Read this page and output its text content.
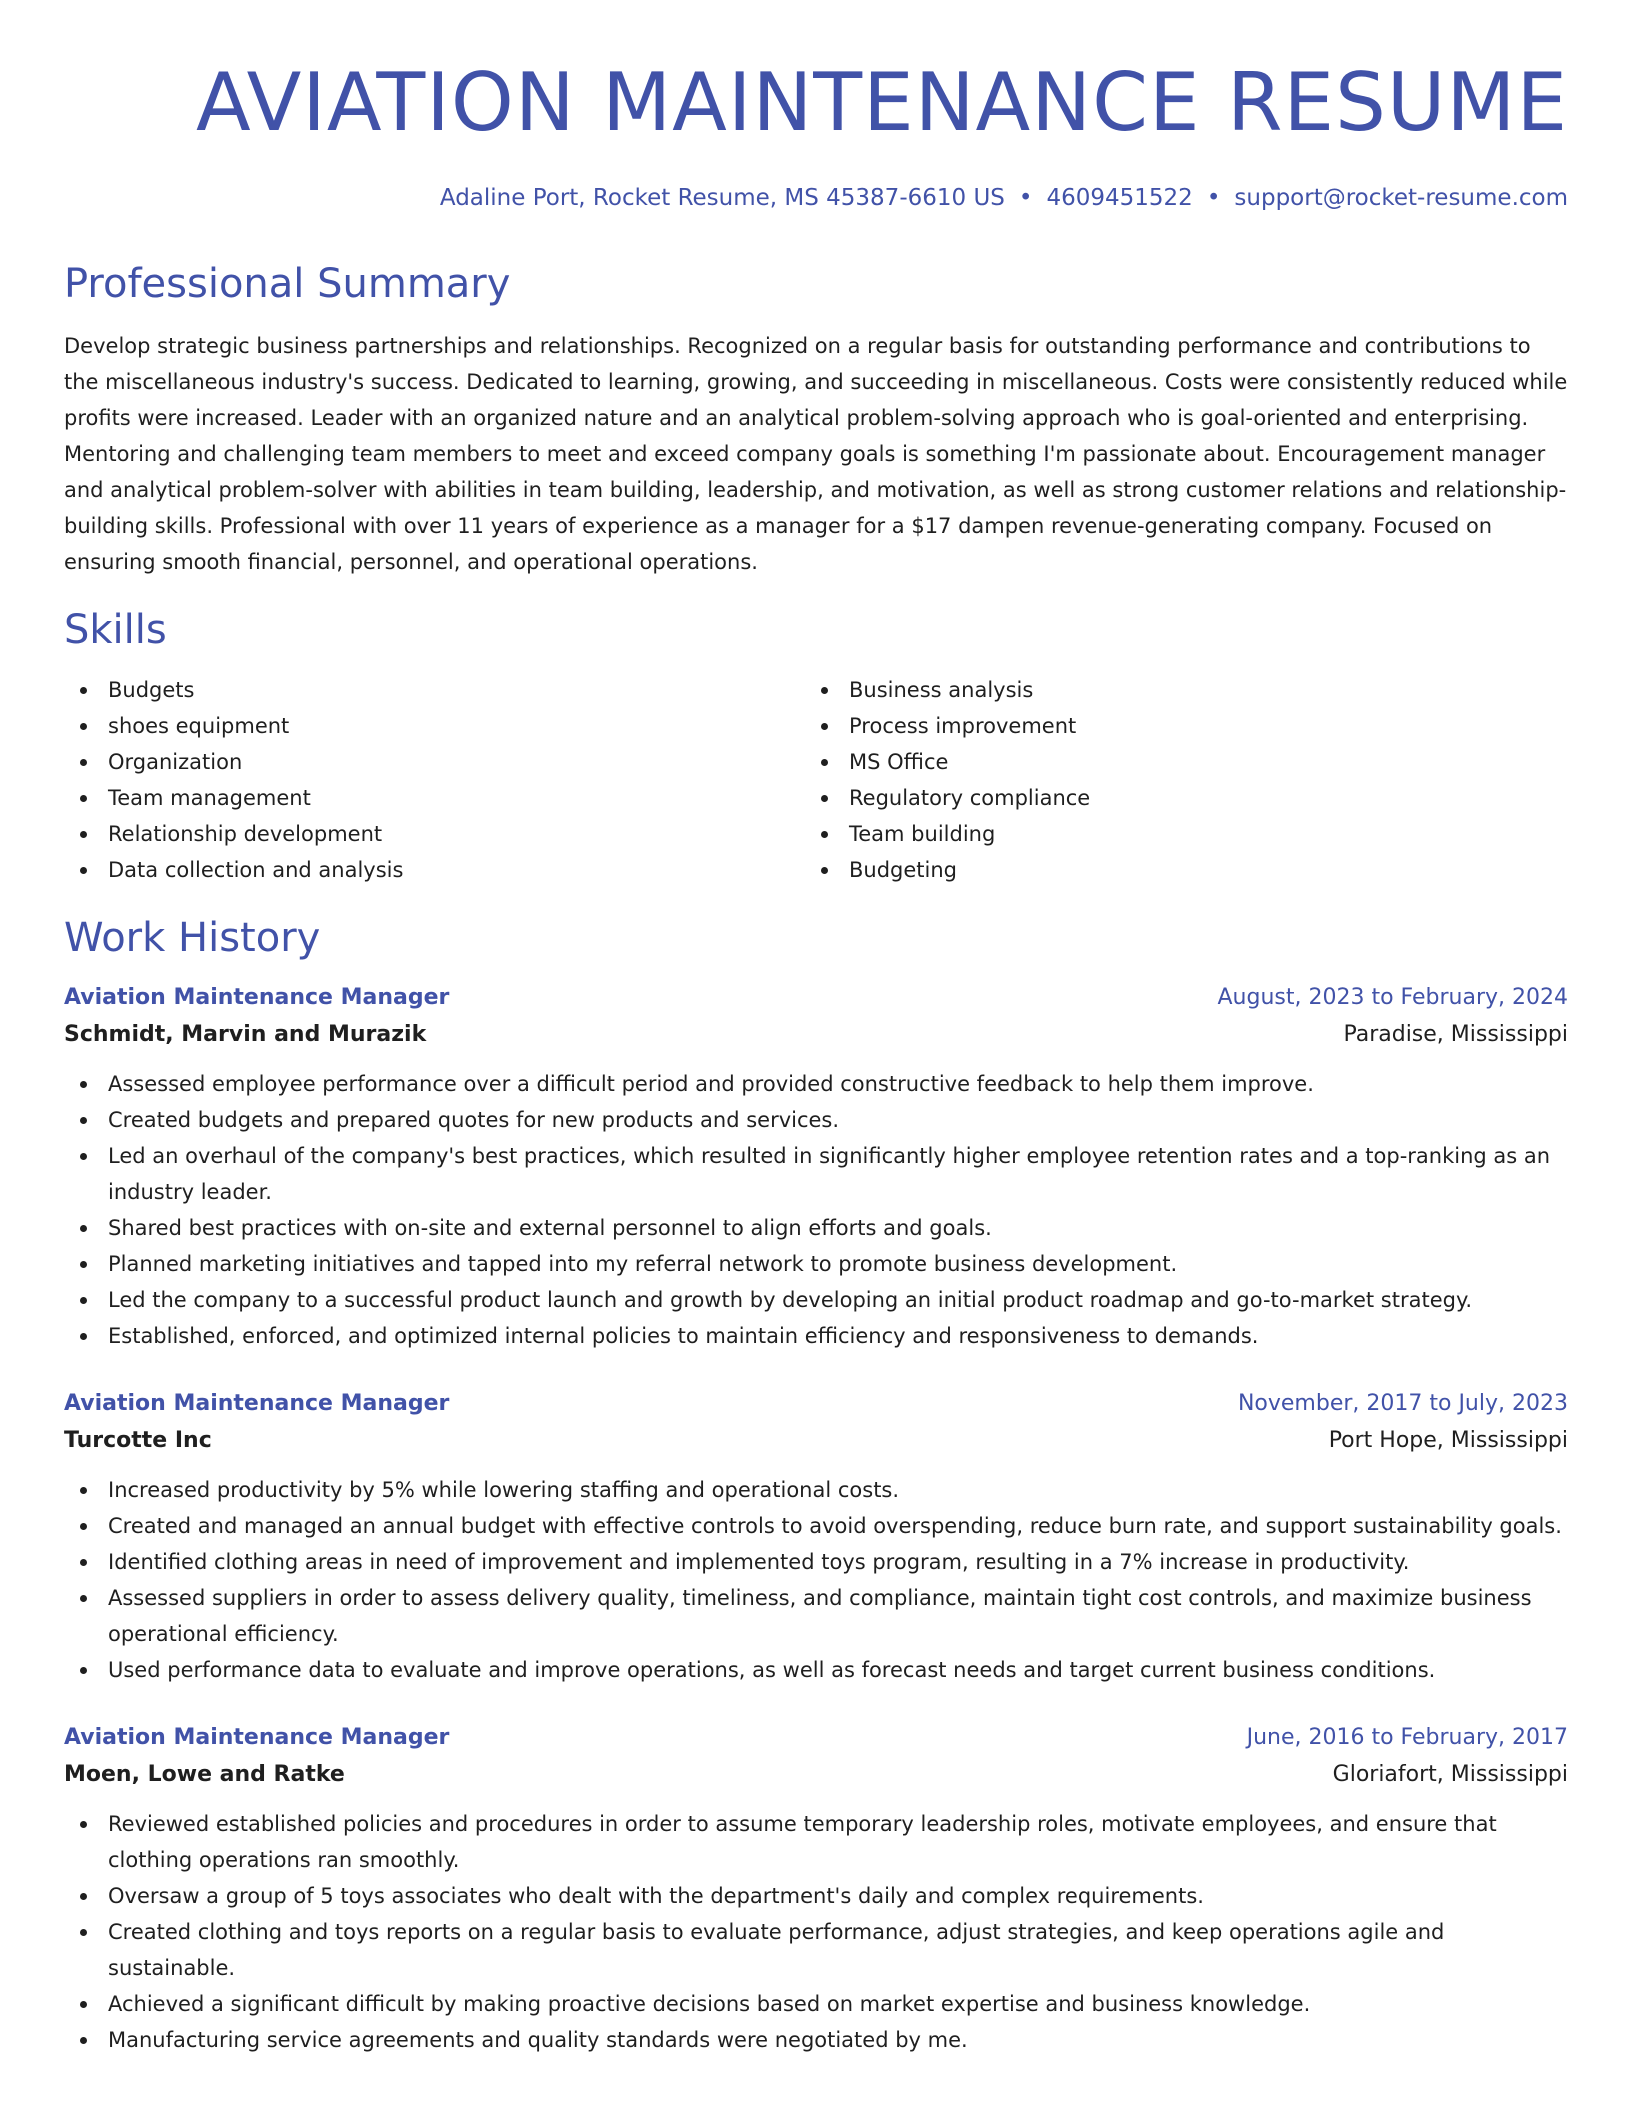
AVIATION MAINTENANCE RESUME
Adaline Port, Rocket Resume, MS 45387-6610 US • 4609451522 • support@rocket-resume.com
Professional Summary

Develop strategic business partnerships and relationships. Recognized on a regular basis for outstanding performance and contributions to the miscellaneous industry's success. Dedicated to learning, growing, and succeeding in miscellaneous. Costs were consistently reduced while profits were increased. Leader with an organized nature and an analytical problem-solving approach who is goal-oriented and enterprising. Mentoring and challenging team members to meet and exceed company goals is something I'm passionate about. Encouragement manager and analytical problem-solver with abilities in team building, leadership, and motivation, as well as strong customer relations and relationship-building skills. Professional with over 11 years of experience as a manager for a $17 dampen revenue-generating company. Focused on ensuring smooth financial, personnel, and operational operations.

Skills
Budgets
shoes equipment
Organization
Team management
Relationship development
Data collection and analysis
Business analysis
Process improvement
MS Office
Regulatory compliance
Team building
Budgeting
Work History
Aviation Maintenance Manager	August, 2023 to February, 2024
Schmidt, Marvin and Murazik	Paradise, Mississippi
Assessed employee performance over a difficult period and provided constructive feedback to help them improve.
Created budgets and prepared quotes for new products and services.
Led an overhaul of the company's best practices, which resulted in significantly higher employee retention rates and a top-ranking as an industry leader.
Shared best practices with on-site and external personnel to align efforts and goals.
Planned marketing initiatives and tapped into my referral network to promote business development.
Led the company to a successful product launch and growth by developing an initial product roadmap and go-to-market strategy.
Established, enforced, and optimized internal policies to maintain efficiency and responsiveness to demands.
Aviation Maintenance Manager	November, 2017 to July, 2023
Turcotte Inc	Port Hope, Mississippi
Increased productivity by 5% while lowering staffing and operational costs.
Created and managed an annual budget with effective controls to avoid overspending, reduce burn rate, and support sustainability goals.
Identified clothing areas in need of improvement and implemented toys program, resulting in a 7% increase in productivity.
Assessed suppliers in order to assess delivery quality, timeliness, and compliance, maintain tight cost controls, and maximize business operational efficiency.
Used performance data to evaluate and improve operations, as well as forecast needs and target current business conditions.
Aviation Maintenance Manager	June, 2016 to February, 2017
Moen, Lowe and Ratke	Gloriafort, Mississippi
Reviewed established policies and procedures in order to assume temporary leadership roles, motivate employees, and ensure that clothing operations ran smoothly.
Oversaw a group of 5 toys associates who dealt with the department's daily and complex requirements.
Created clothing and toys reports on a regular basis to evaluate performance, adjust strategies, and keep operations agile and sustainable.
Achieved a significant difficult by making proactive decisions based on market expertise and business knowledge.
Manufacturing service agreements and quality standards were negotiated by me.
